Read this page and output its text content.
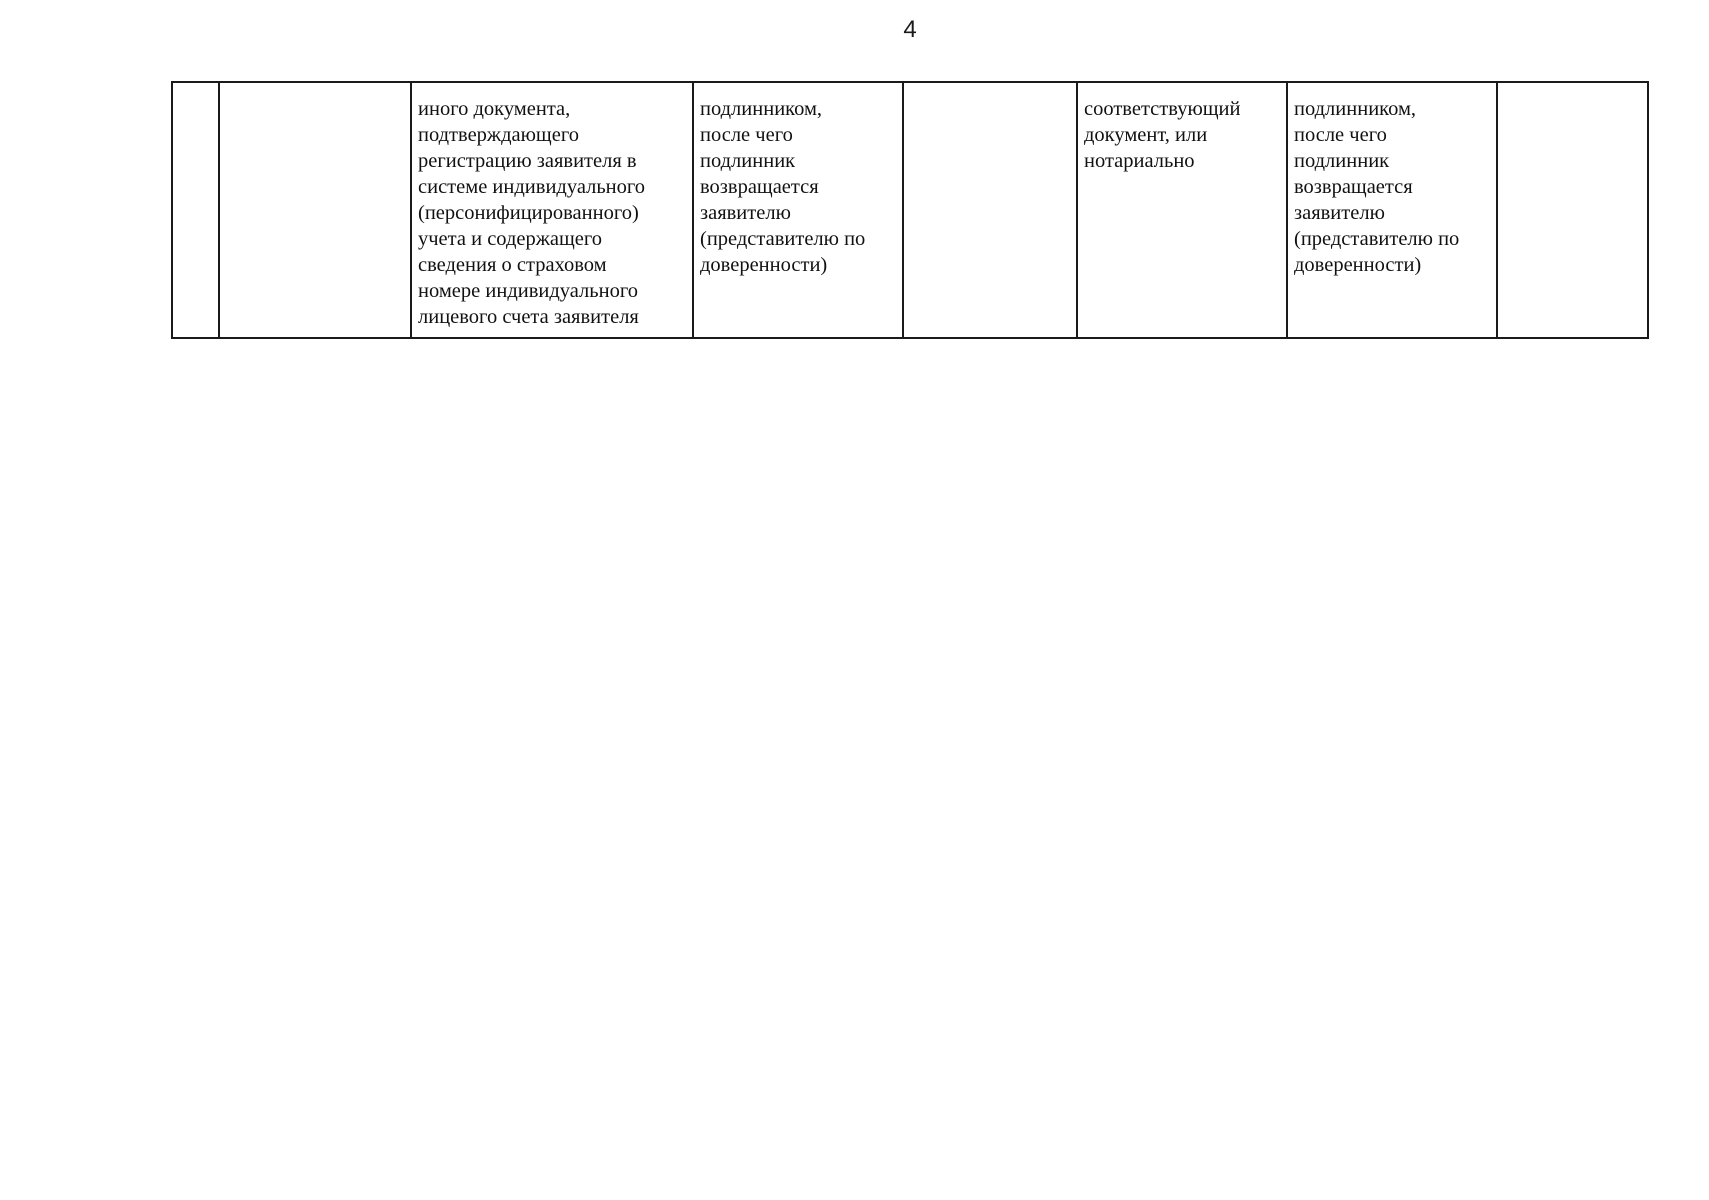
4
		иного документа,
подтверждающего
регистрацию заявителя в
системе индивидуального
(персонифицированного)
учета и содержащего
сведения о страховом
номере индивидуального
лицевого счета заявителя	подлинником,
после чего
подлинник
возвращается
заявителю
(представителю по
доверенности)		соответствующий
документ, или
нотариально	подлинником,
после чего
подлинник
возвращается
заявителю
(представителю по
доверенности)	
